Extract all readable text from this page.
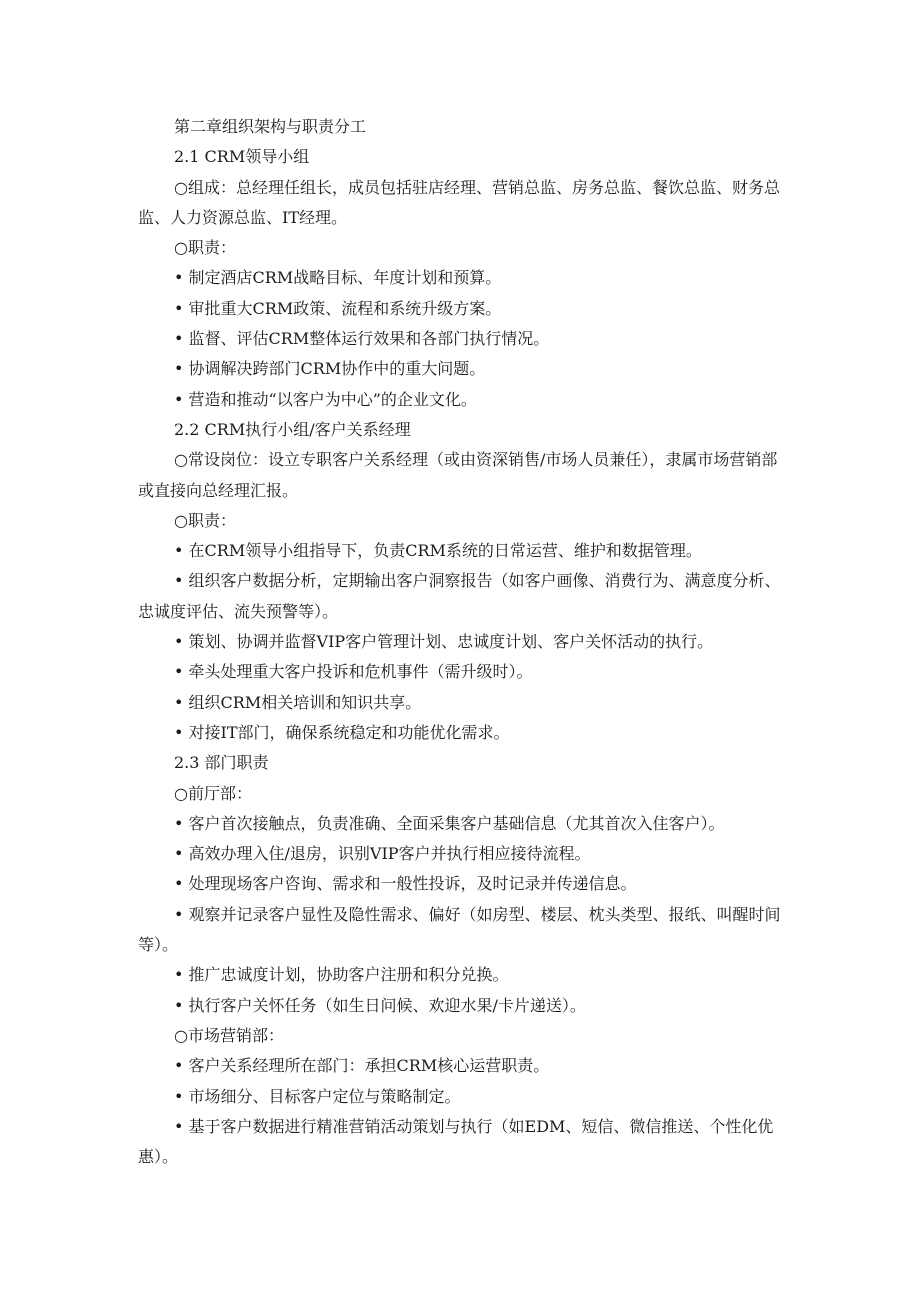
第二章组织架构与职责分工

2.1 CRM领导小组

○组成：总经理任组长，成员包括驻店经理、营销总监、房务总监、餐饮总监、财务总监、人力资源总监、IT经理。

○职责：

• 制定酒店CRM战略目标、年度计划和预算。

• 审批重大CRM政策、流程和系统升级方案。

• 监督、评估CRM整体运行效果和各部门执行情况。

• 协调解决跨部门CRM协作中的重大问题。

• 营造和推动“以客户为中心”的企业文化。

2.2 CRM执行小组/客户关系经理

○常设岗位：设立专职客户关系经理（或由资深销售/市场人员兼任），隶属市场营销部或直接向总经理汇报。

○职责：

• 在CRM领导小组指导下，负责CRM系统的日常运营、维护和数据管理。

• 组织客户数据分析，定期输出客户洞察报告（如客户画像、消费行为、满意度分析、忠诚度评估、流失预警等）。

• 策划、协调并监督VIP客户管理计划、忠诚度计划、客户关怀活动的执行。

• 牵头处理重大客户投诉和危机事件（需升级时）。

• 组织CRM相关培训和知识共享。

• 对接IT部门，确保系统稳定和功能优化需求。

2.3 部门职责

○前厅部：

• 客户首次接触点，负责准确、全面采集客户基础信息（尤其首次入住客户）。

• 高效办理入住/退房，识别VIP客户并执行相应接待流程。

• 处理现场客户咨询、需求和一般性投诉，及时记录并传递信息。

• 观察并记录客户显性及隐性需求、偏好（如房型、楼层、枕头类型、报纸、叫醒时间等）。

• 推广忠诚度计划，协助客户注册和积分兑换。

• 执行客户关怀任务（如生日问候、欢迎水果/卡片递送）。

○市场营销部：

• 客户关系经理所在部门：承担CRM核心运营职责。

• 市场细分、目标客户定位与策略制定。

• 基于客户数据进行精准营销活动策划与执行（如EDM、短信、微信推送、个性化优惠）。
